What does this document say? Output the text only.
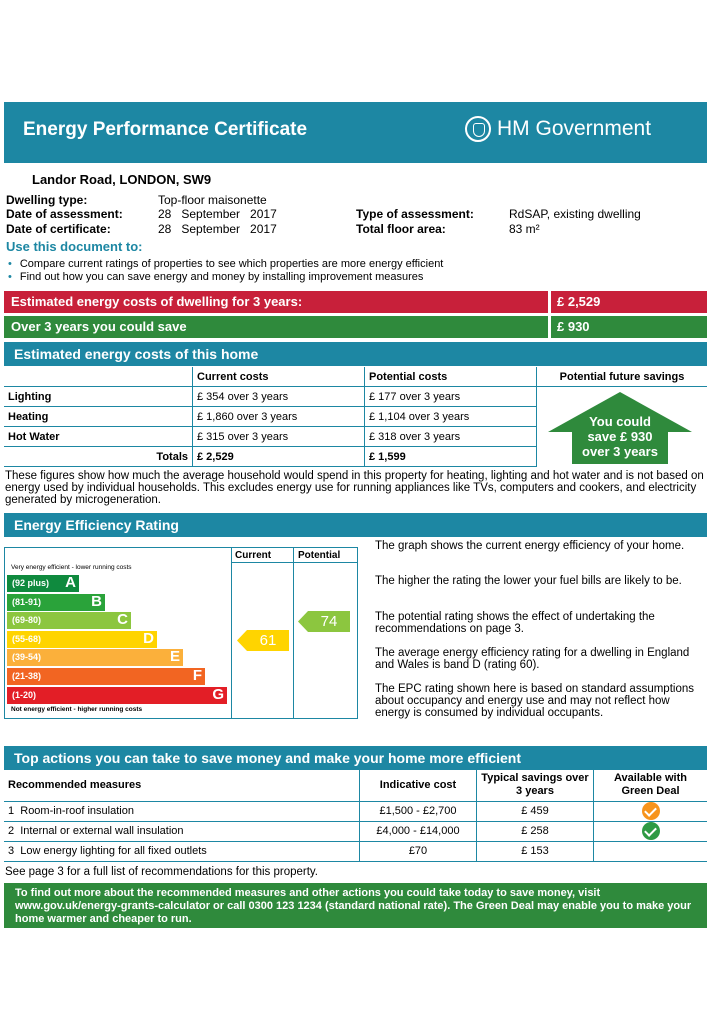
Energy Performance Certificate	HM Government
Landor Road, LONDON, SW9
Dwelling type:	Top-floor maisonette
Date of assessment:	28   September   2017
Date of certificate:	28   September   2017
Type of assessment:	RdSAP, existing dwelling
Total floor area:	83 m²
Use this document to:
• Compare current ratings of properties to see which properties are more energy efficient
• Find out how you can save energy and money by installing improvement measures
Estimated energy costs of dwelling for 3 years:	£ 2,529
Over 3 years you could save	£ 930
Estimated energy costs of this home
	Current costs	Potential costs	Potential future savings
Lighting	£ 354 over 3 years	£ 177 over 3 years	
Heating	£ 1,860 over 3 years	£ 1,104 over 3 years	
Hot Water	£ 315 over 3 years	£ 318 over 3 years	
Totals	£ 2,529	£ 1,599	
You could
save £ 930
over 3 years
These figures show how much the average household would spend in this property for heating, lighting and hot water and is not based on energy used by individual households. This excludes energy use for running appliances like TVs, computers and cookers, and electricity generated by microgeneration.
Energy Efficiency Rating
Current	Potential
Very energy efficient - lower running costs
(92 plus) A
(81-91)	B
(69-80)	C
(55-68)	D
(39-54)	E
(21-38)	F
(1-20)	G
Not energy efficient - higher running costs
61
74
The graph shows the current energy efficiency of your home.
The higher the rating the lower your fuel bills are likely to be.
The potential rating shows the effect of undertaking the recommendations on page 3.
The average energy efficiency rating for a dwelling in England and Wales is band D (rating 60).
The EPC rating shown here is based on standard assumptions about occupancy and energy use and may not reflect how energy is consumed by individual occupants.
Top actions you can take to save money and make your home more efficient
Recommended measures	Indicative cost	Typical savings over 3 years	Available with Green Deal
1 Room-in-roof insulation	£1,500 - £2,700	£ 459	
2 Internal or external wall insulation	£4,000 - £14,000	£ 258	
3 Low energy lighting for all fixed outlets	£70	£ 153	
See page 3 for a full list of recommendations for this property.
To find out more about the recommended measures and other actions you could take today to save money, visit www.gov.uk/energy-grants-calculator or call 0300 123 1234 (standard national rate). The Green Deal may enable you to make your home warmer and cheaper to run.
